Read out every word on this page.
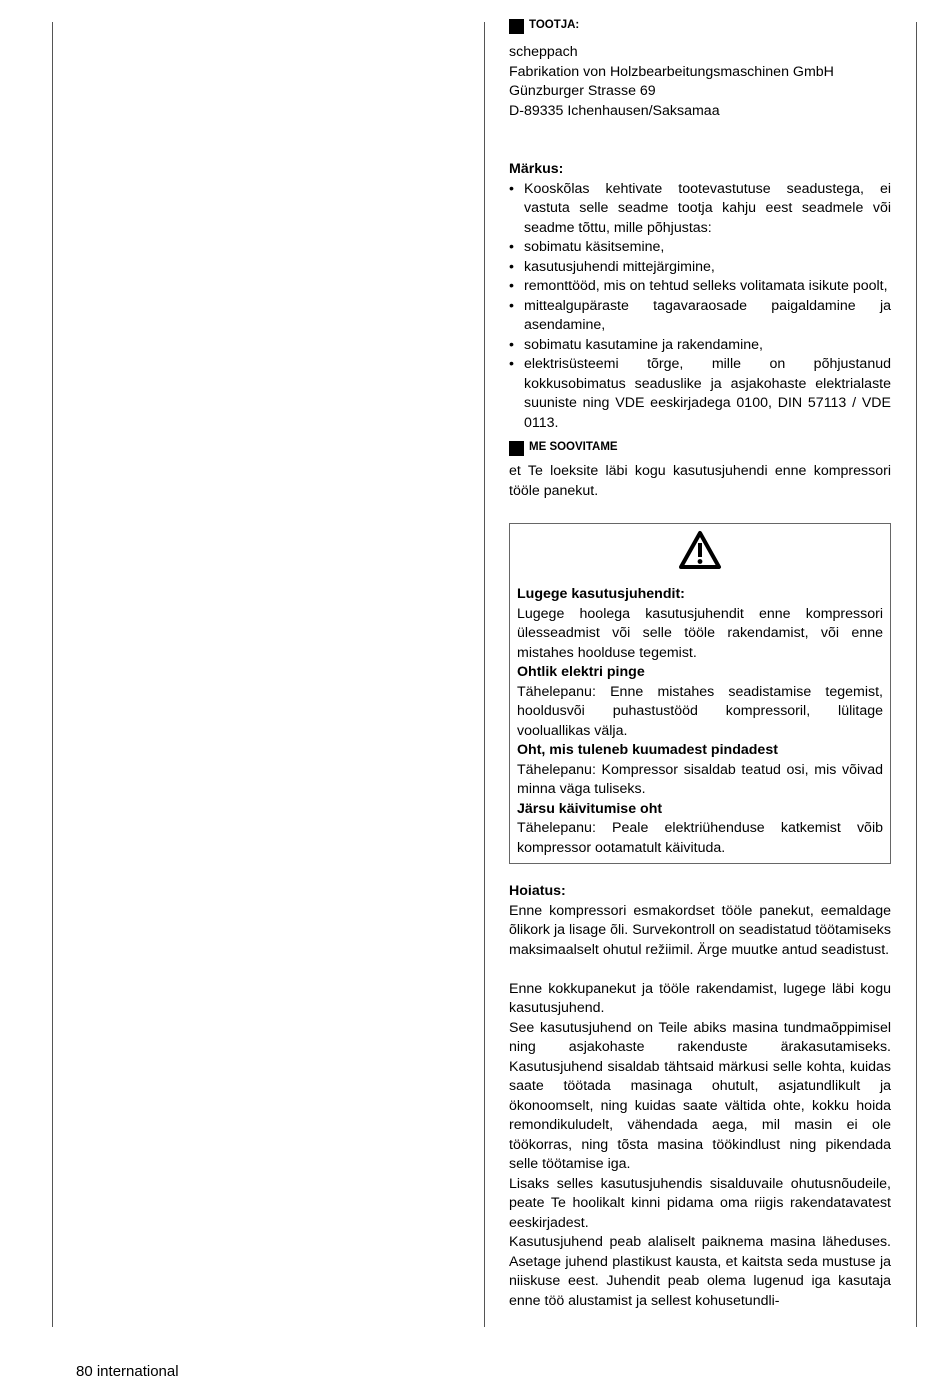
TOOTJA:
scheppach
Fabrikation von Holzbearbeitungsmaschinen GmbH
Günzburger Strasse 69
D-89335 Ichenhausen/Saksamaa
Märkus:
• Kooskõlas kehtivate tootevastutuse seadustega, ei vastuta selle seadme tootja kahju eest seadmele või seadme tõttu, mille põhjustas:
• sobimatu käsitsemine,
• kasutusjuhendi mittejärgimine,
• remonttööd, mis on tehtud selleks volitamata isikute poolt,
• mittealgupäraste tagavaraosade paigaldamine ja asendamine,
• sobimatu kasutamine ja rakendamine,
• elektrisüsteemi tõrge, mille on põhjustanud kokkusobimatus seaduslike ja asjakohaste elektrialaste suuniste ning VDE eeskirjadega 0100, DIN 57113 / VDE 0113.
ME SOOVITAME
et Te loeksite läbi kogu kasutusjuhendi enne kompressori tööle panekut.
Lugege kasutusjuhendit:
Lugege hoolega kasutusjuhendit enne kompressori ülesseadmist või selle tööle rakendamist, või enne mistahes hoolduse tegemist.
Ohtlik elektri pinge
Tähelepanu: Enne mistahes seadistamise tegemist, hooldusvõi puhastustööd kompressoril, lülitage vooluallikas välja.
Oht, mis tuleneb kuumadest pindadest
Tähelepanu: Kompressor sisaldab teatud osi, mis võivad minna väga tuliseks.
Järsu käivitumise oht
Tähelepanu: Peale elektriühenduse katkemist võib kompressor ootamatult käivituda.
Hoiatus:
Enne kompressori esmakordset tööle panekut, eemaldage õlikork ja lisage õli. Survekontroll on seadistatud töötamiseks maksimaalselt ohutul režiimil. Ärge muutke antud seadistust.
Enne kokkupanekut ja tööle rakendamist, lugege läbi kogu kasutusjuhend.
See kasutusjuhend on Teile abiks masina tundmaõppimisel ning asjakohaste rakenduste ärakasutamiseks. Kasutusjuhend sisaldab tähtsaid märkusi selle kohta, kuidas saate töötada masinaga ohutult, asjatundlikult ja ökonoomselt, ning kuidas saate vältida ohte, kokku hoida remondikuludelt, vähendada aega, mil masin ei ole töökorras, ning tõsta masina töökindlust ning pikendada selle töötamise iga.
Lisaks selles kasutusjuhendis sisalduvaile ohutusnõudeile, peate Te hoolikalt kinni pidama oma riigis rakendatavatest eeskirjadest.
Kasutusjuhend peab alaliselt paiknema masina läheduses. Asetage juhend plastikust kausta, et kaitsta seda mustuse ja niiskuse eest. Juhendit peab olema lugenud iga kasutaja enne töö alustamist ja sellest kohusetundli-
80 international
